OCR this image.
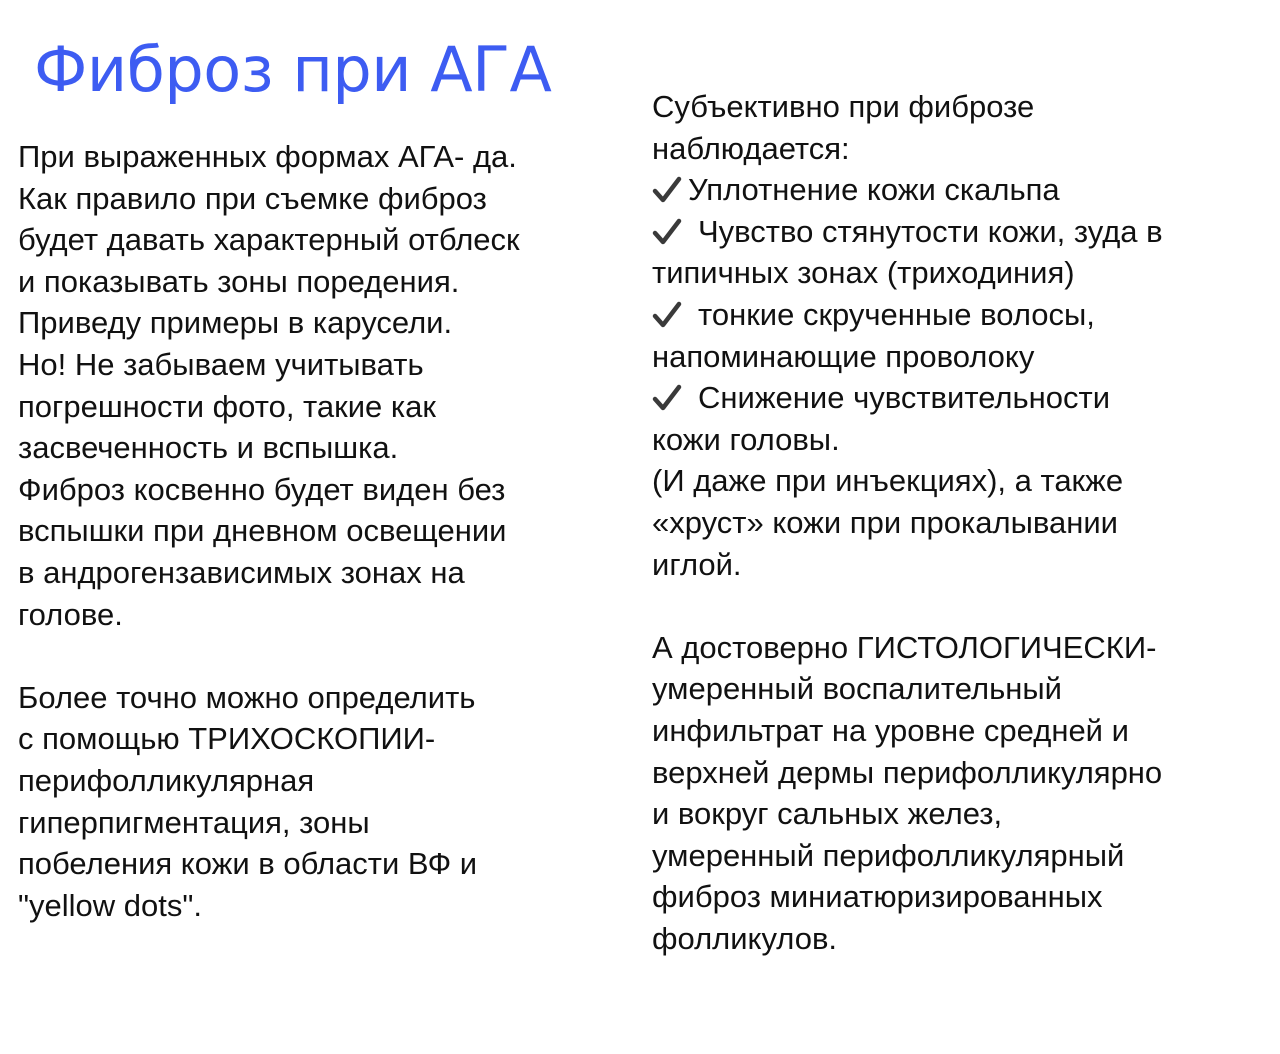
Фиброз при АГА
При выраженных формах АГА- да.
Как правило при съемке фиброз
будет давать характерный отблеск
и показывать зоны поредения.
Приведу примеры в карусели.
Но! Не забываем учитывать
погрешности фото, такие как
засвеченность и вспышка.
Фиброз косвенно будет виден без
вспышки при дневном освещении
в андрогензависимых зонах на
голове.
Более точно можно определить
с помощью ТРИХОСКОПИИ-
перифолликулярная
гиперпигментация, зоны
побеления кожи в области ВФ и
"yellow dots".
Субъективно при фиброзе
наблюдается:
Уплотнение кожи скальпа
Чувство стянутости кожи, зуда в
типичных зонах (триходиния)
тонкие скрученные волосы,
напоминающие проволоку
Снижение чувствительности
кожи головы.
(И даже при инъекциях), а также
«хруст» кожи при прокалывании
иглой.
А достоверно ГИСТОЛОГИЧЕСКИ-
умеренный воспалительный
инфильтрат на уровне средней и
верхней дермы перифолликулярно
и вокруг сальных желез,
умеренный перифолликулярный
фиброз миниатюризированных
фолликулов.
